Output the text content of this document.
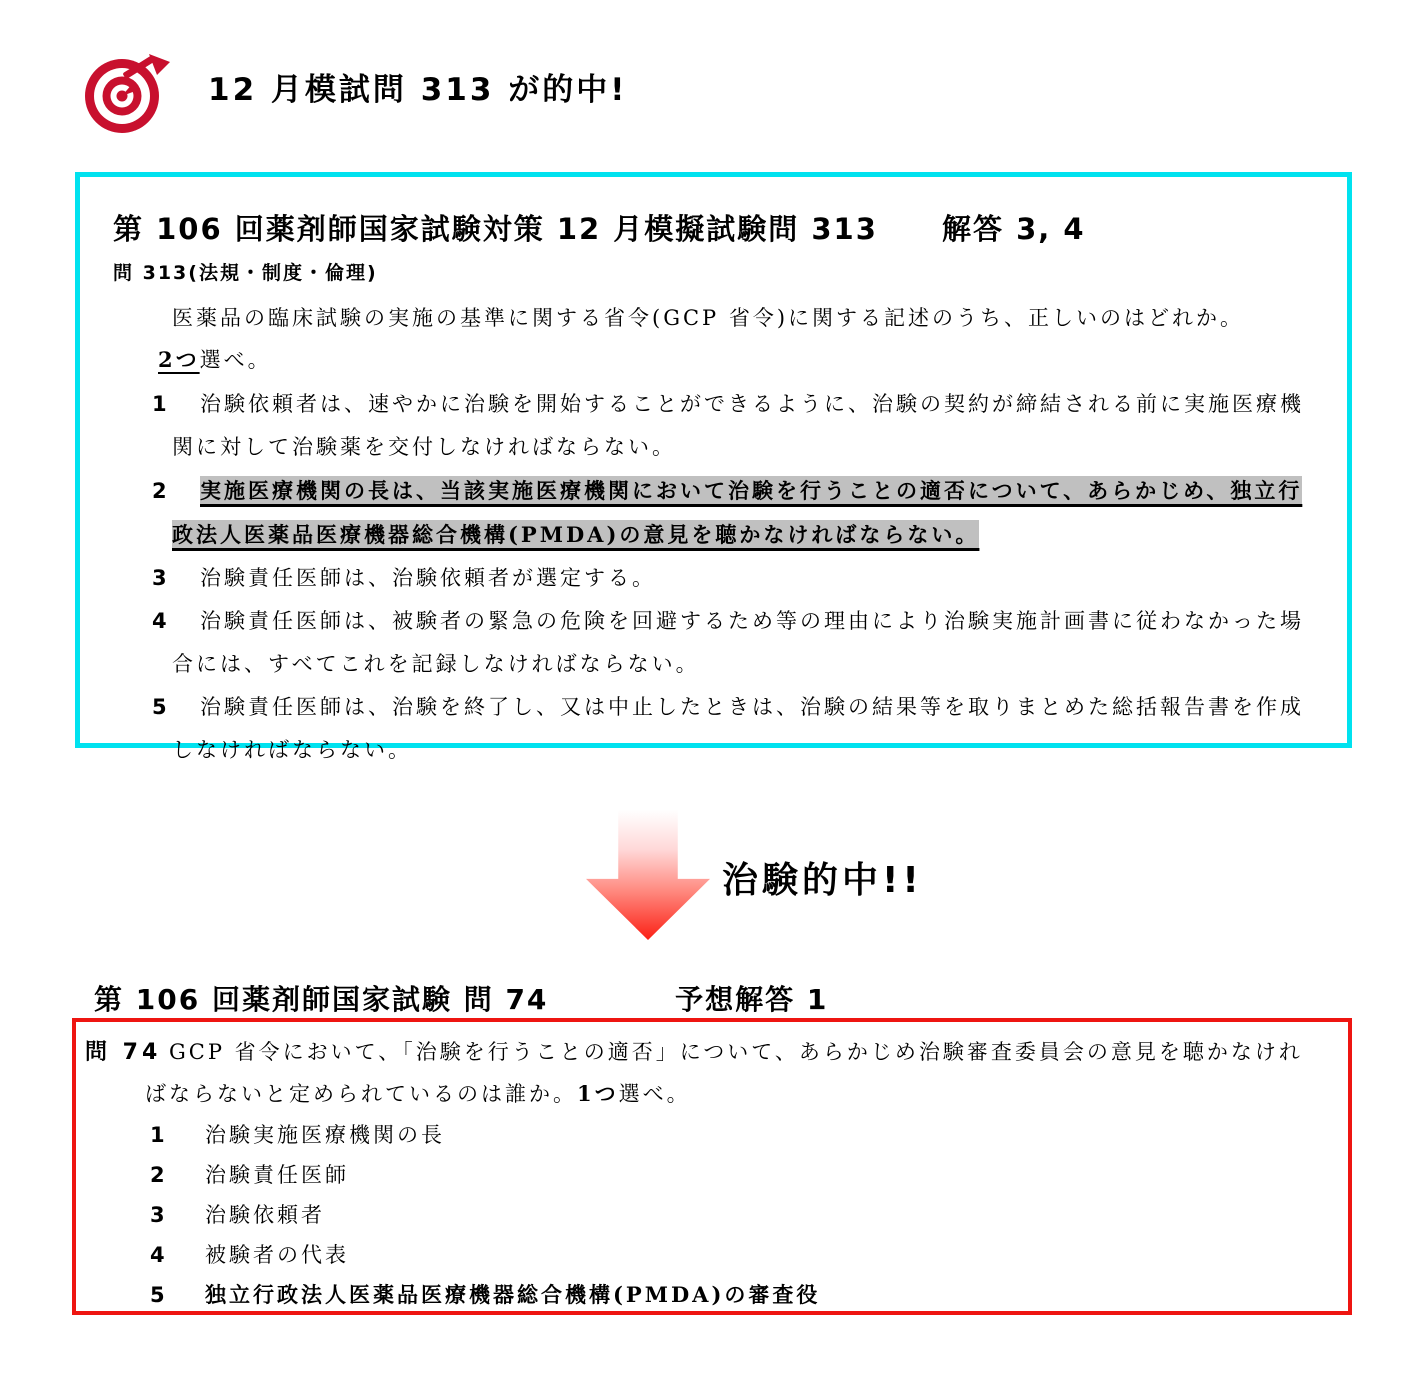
12 月模試問 313 が的中!
第 106 回薬剤師国家試験対策 12 月模擬試験問 313 解答 3, 4
問 313(法規・制度・倫理)
医薬品の臨床試験の実施の基準に関する省令(GCP 省令)に関する記述のうち、正しいのはどれか。
2つ選べ。
1 治験依頼者は、速やかに治験を開始することができるように、治験の契約が締結される前に実施医療機関に対して治験薬を交付しなければならない。
2 実施医療機関の長は、当該実施医療機関において治験を行うことの適否について、あらかじめ、独立行政法人医薬品医療機器総合機構(PMDA)の意見を聴かなければならない。
3 治験責任医師は、治験依頼者が選定する。
4 治験責任医師は、被験者の緊急の危険を回避するため等の理由により治験実施計画書に従わなかった場合には、すべてこれを記録しなければならない。
5 治験責任医師は、治験を終了し、又は中止したときは、治験の結果等を取りまとめた総括報告書を作成しなければならない。
治験的中!!
第 106 回薬剤師国家試験 問 74	予想解答 1
問 74 GCP 省令において、「治験を行うことの適否」について、あらかじめ治験審査委員会の意見を聴かなければならないと定められているのは誰か。1つ選べ。
1 治験実施医療機関の長
2 治験責任医師
3 治験依頼者
4 被験者の代表
5 独立行政法人医薬品医療機器総合機構(PMDA)の審査役
